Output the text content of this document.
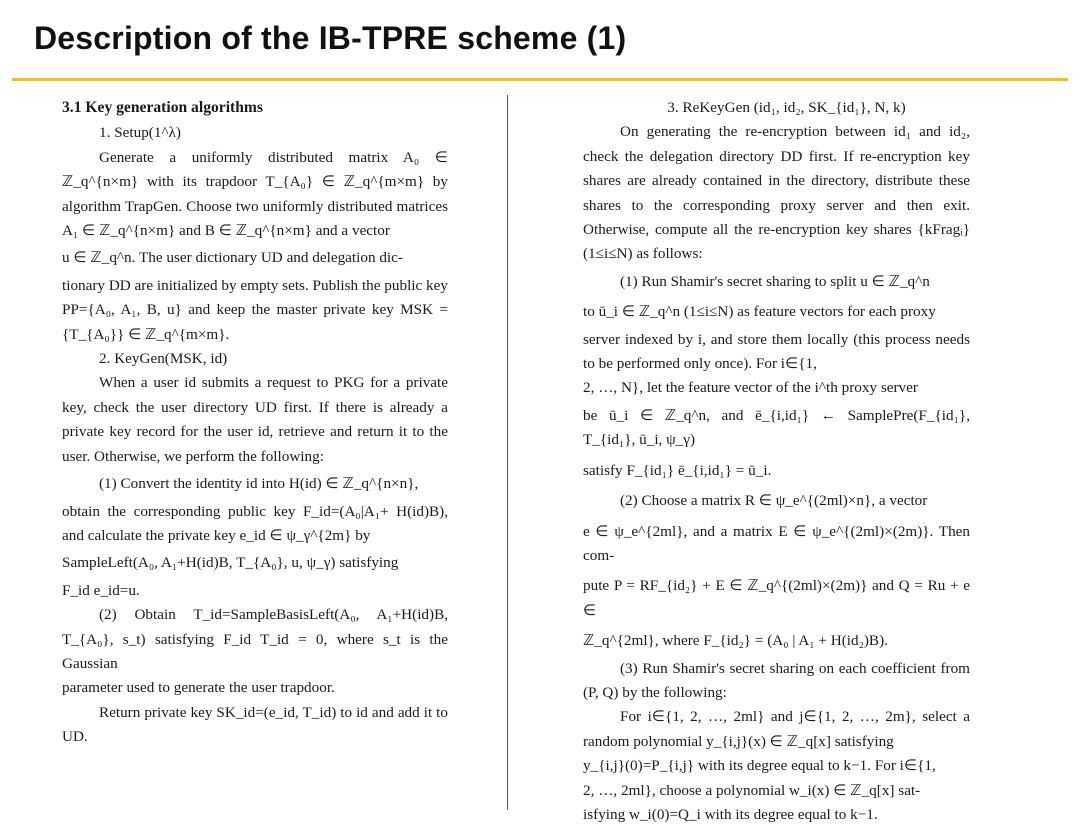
Description of the IB-TPRE scheme (1)

3.1 Key generation algorithms

1. Setup(1^λ)

Generate a uniformly distributed matrix A₀ ∈ ℤ_q^{n×m} with its trapdoor T_{A₀} ∈ ℤ_q^{m×m} by algorithm TrapGen. Choose two uniformly distributed matrices A₁ ∈ ℤ_q^{n×m} and B ∈ ℤ_q^{n×m} and a vector

u ∈ ℤ_q^n. The user dictionary UD and delegation dic-

tionary DD are initialized by empty sets. Publish the public key PP={A₀, A₁, B, u} and keep the master private key MSK = {T_{A₀}} ∈ ℤ_q^{m×m}.

2. KeyGen(MSK, id)

When a user id submits a request to PKG for a private key, check the user directory UD first. If there is already a private key record for the user id, retrieve and return it to the user. Otherwise, we perform the following:

(1) Convert the identity id into H(id) ∈ ℤ_q^{n×n},

obtain the corresponding public key F_id=(A₀|A₁+ H(id)B), and calculate the private key e_id ∈ ψ_γ^{2m} by

SampleLeft(A₀, A₁+H(id)B, T_{A₀}, u, ψ_γ) satisfying

F_id e_id=u.

(2) Obtain T_id=SampleBasisLeft(A₀, A₁+H(id)B, T_{A₀}, s_t) satisfying F_id T_id = 0, where s_t is the Gaussian

parameter used to generate the user trapdoor.

Return private key SK_id=(e_id, T_id) to id and add it to UD.

3. ReKeyGen (id₁, id₂, SK_{id₁}, N, k)

On generating the re-encryption between id₁ and id₂, check the delegation directory DD first. If re-encryption key shares are already contained in the directory, distribute these shares to the corresponding proxy server and then exit. Otherwise, compute all the re-encryption key shares {kFragᵢ} (1≤i≤N) as follows:

(1) Run Shamir's secret sharing to split u ∈ ℤ_q^n

to ū_i ∈ ℤ_q^n (1≤i≤N) as feature vectors for each proxy

server indexed by i, and store them locally (this process needs to be performed only once). For i∈{1,

2, …, N}, let the feature vector of the i^th proxy server

be ū_i ∈ ℤ_q^n, and ē_{i,id₁} ← SamplePre(F_{id₁}, T_{id₁}, ū_i, ψ_γ)

satisfy F_{id₁} ē_{i,id₁} = ū_i.

(2) Choose a matrix R ∈ ψ_e^{(2ml)×n}, a vector

e ∈ ψ_e^{2ml}, and a matrix E ∈ ψ_e^{(2ml)×(2m)}. Then com-

pute P = RF_{id₂} + E ∈ ℤ_q^{(2ml)×(2m)} and Q = Ru + e ∈

ℤ_q^{2ml}, where F_{id₂} = (A₀ | A₁ + H(id₂)B).

(3) Run Shamir's secret sharing on each coefficient from (P, Q) by the following:

For i∈{1, 2, …, 2ml} and j∈{1, 2, …, 2m}, select a random polynomial y_{i,j}(x) ∈ ℤ_q[x] satisfying

y_{i,j}(0)=P_{i,j} with its degree equal to k−1. For i∈{1,

2, …, 2ml}, choose a polynomial w_i(x) ∈ ℤ_q[x] sat-

isfying w_i(0)=Q_i with its degree equal to k−1.
